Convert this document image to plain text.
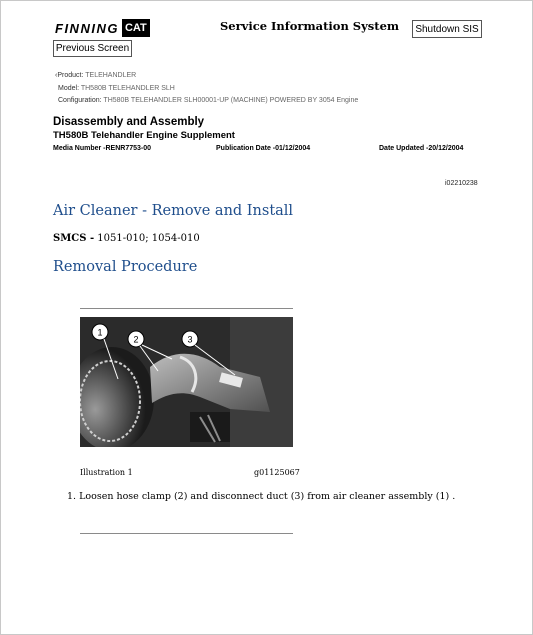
FINNING CAT	Service Information System	Shutdown SIS
Previous Screen
‹Product: TELEHANDLER
Model: TH580B TELEHANDLER SLH
Configuration: TH580B TELEHANDLER SLH00001-UP (MACHINE) POWERED BY 3054 Engine
Disassembly and Assembly
TH580B Telehandler Engine Supplement
Media Number -RENR7753-00	Publication Date -01/12/2004	Date Updated -20/12/2004
i02210238
Air Cleaner - Remove and Install
SMCS - 1051-010; 1054-010
Removal Procedure
1
2	3
Illustration 1	g01125067
1. Loosen hose clamp (2) and disconnect duct (3) from air cleaner assembly (1) .
